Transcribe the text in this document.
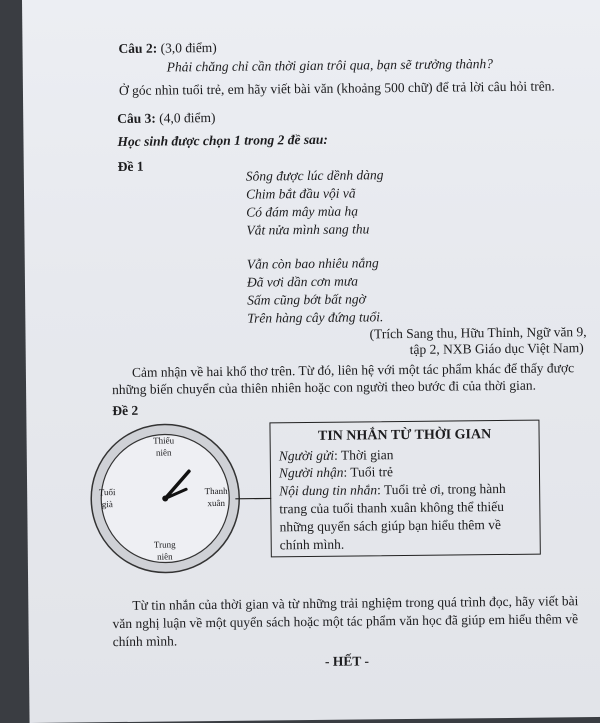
Câu 2: (3,0 điểm)
Phải chăng chỉ cần thời gian trôi qua, bạn sẽ trưởng thành?
Ở góc nhìn tuổi trẻ, em hãy viết bài văn (khoảng 500 chữ) để trả lời câu hỏi trên.
Câu 3: (4,0 điểm)
Học sinh được chọn 1 trong 2 đề sau:
Đề 1
Sông được lúc dềnh dàng
Chim bắt đầu vội vã
Có đám mây mùa hạ
Vắt nửa mình sang thu
Vẫn còn bao nhiêu nắng
Đã vơi dần cơn mưa
Sấm cũng bớt bất ngờ
Trên hàng cây đứng tuổi.
(Trích Sang thu, Hữu Thỉnh, Ngữ văn 9,
tập 2, NXB Giáo dục Việt Nam)
Cảm nhận về hai khổ thơ trên. Từ đó, liên hệ với một tác phẩm khác để thấy được
những biến chuyển của thiên nhiên hoặc con người theo bước đi của thời gian.
Đề 2
Thiếu
niên
Tuổi
già
Thanh
xuân
Trung
niên
TIN NHẮN TỪ THỜI GIAN
Người gửi: Thời gian
Người nhận: Tuổi trẻ
Nội dung tin nhắn: Tuổi trẻ ơi, trong hành
trang của tuổi thanh xuân không thể thiếu
những quyển sách giúp bạn hiểu thêm về
chính mình.
Từ tin nhắn của thời gian và từ những trải nghiệm trong quá trình đọc, hãy viết bài
văn nghị luận về một quyển sách hoặc một tác phẩm văn học đã giúp em hiểu thêm về
chính mình.
- HẾT -
